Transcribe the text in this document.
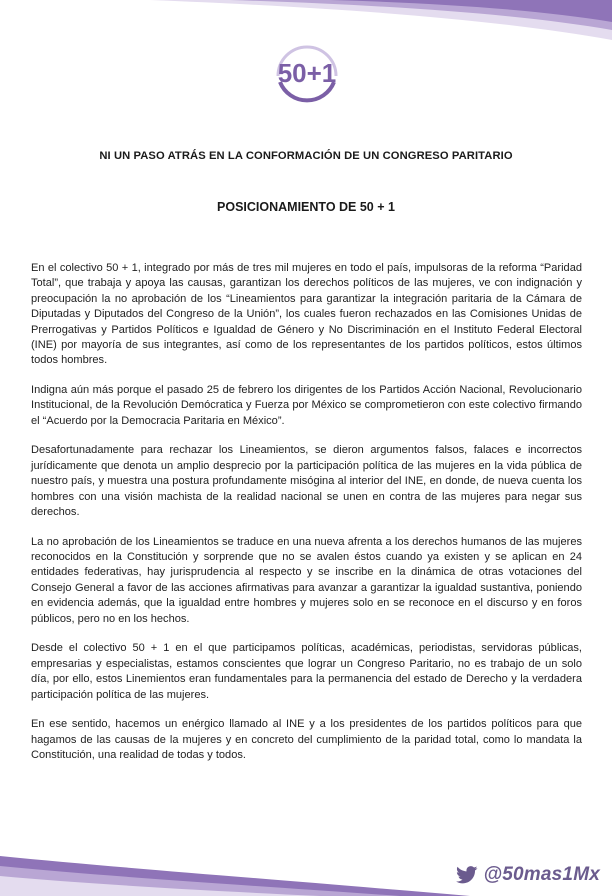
50+1
NI UN PASO ATRÁS EN LA CONFORMACIÓN DE UN CONGRESO PARITARIO
POSICIONAMIENTO DE 50 + 1

En el colectivo 50 + 1, integrado por más de tres mil mujeres en todo el país, impulsoras de la reforma “Paridad Total”, que trabaja y apoya las causas, garantizan los derechos políticos de las mujeres, ve con indignación y preocupación la no aprobación de los “Lineamientos para garantizar la integración paritaria de la Cámara de Diputadas y Diputados del Congreso de la Unión”, los cuales fueron rechazados en las Comisiones Unidas de Prerrogativas y Partidos Políticos e Igualdad de Género y No Discriminación en el Instituto Federal Electoral (INE) por mayoría de sus integrantes, así como de los representantes de los partidos políticos, estos últimos todos hombres.

Indigna aún más porque el pasado 25 de febrero los dirigentes de los Partidos Acción Nacional, Revolucionario Institucional, de la Revolución Demócratica y Fuerza por México se comprometieron con este colectivo firmando el “Acuerdo por la Democracia Paritaria en México”.

Desafortunadamente para rechazar los Lineamientos, se dieron argumentos falsos, falaces e incorrectos jurídicamente que denota un amplio desprecio por la participación política de las mujeres en la vida pública de nuestro país, y muestra una postura profundamente misógina al interior del INE, en donde, de nueva cuenta los hombres con una visión machista de la realidad nacional se unen en contra de las mujeres para negar sus derechos.

La no aprobación de los Lineamientos se traduce en una nueva afrenta a los derechos humanos de las mujeres reconocidos en la Constitución y sorprende que no se avalen éstos cuando ya existen y se aplican en 24 entidades federativas, hay jurisprudencia al respecto y se inscribe en la dinámica de otras votaciones del Consejo General a favor de las acciones afirmativas para avanzar a garantizar la igualdad sustantiva, poniendo en evidencia además, que la igualdad entre hombres y mujeres solo en se reconoce en el discurso y en foros públicos, pero no en los hechos.

Desde el colectivo 50 + 1 en el que participamos políticas, académicas, periodistas, servidoras públicas, empresarias y especialistas, estamos conscientes que lograr un Congreso Paritario, no es trabajo de un solo día, por ello, estos Linemientos eran fundamentales para la permanencia del estado de Derecho y la verdadera participación política de las mujeres.

En ese sentido, hacemos un enérgico llamado al INE y a los presidentes de los partidos políticos para que hagamos de las causas de la mujeres y en concreto del cumplimiento de la paridad total, como lo mandata la Constitución, una realidad de todas y todos.

@50mas1Mx
